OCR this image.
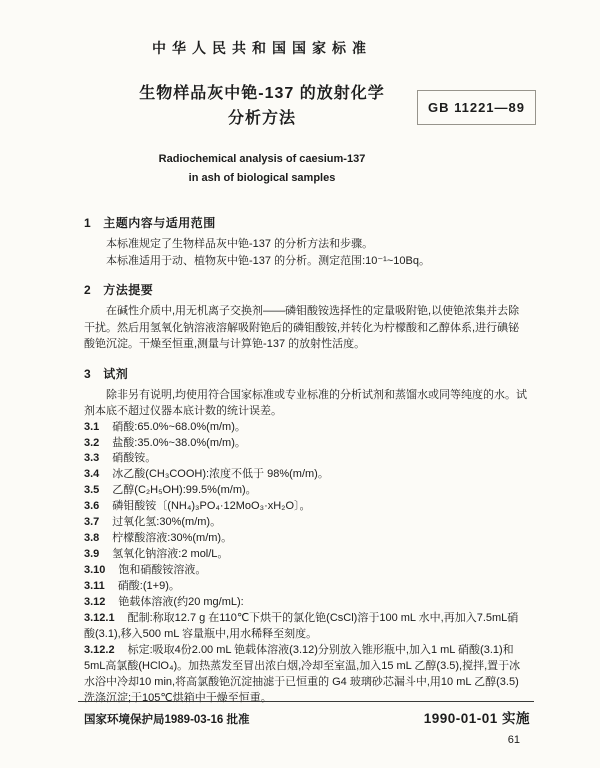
GB 11221—89
中华人民共和国国家标准
生物样品灰中铯-137 的放射化学
分析方法
Radiochemical analysis of caesium-137
in ash of biological samples
1 主题内容与适用范围

本标准规定了生物样品灰中铯-137 的分析方法和步骤。

本标准适用于动、植物灰中铯-137 的分析。测定范围:10⁻¹~10Bq。

2 方法提要

在碱性介质中,用无机离子交换剂——磷钼酸铵选择性的定量吸附铯,以使铯浓集并去除干扰。然后用氢氧化钠溶液溶解吸附铯后的磷钼酸铵,并转化为柠檬酸和乙醇体系,进行碘铋酸铯沉淀。干燥至恒重,测量与计算铯-137 的放射性活度。

3 试剂

除非另有说明,均使用符合国家标准或专业标准的分析试剂和蒸馏水或同等纯度的水。试剂本底不超过仪器本底计数的统计误差。

3.1 硝酸:65.0%~68.0%(m/m)。

3.2 盐酸:35.0%~38.0%(m/m)。

3.3 硝酸铵。

3.4 冰乙酸(CH₃COOH):浓度不低于 98%(m/m)。

3.5 乙醇(C₂H₅OH):99.5%(m/m)。

3.6 磷钼酸铵〔(NH₄)₃PO₄·12MoO₃·xH₂O〕。

3.7 过氧化氢:30%(m/m)。

3.8 柠檬酸溶液:30%(m/m)。

3.9 氢氧化钠溶液:2 mol/L。

3.10 饱和硝酸铵溶液。

3.11 硝酸:(1+9)。

3.12 铯载体溶液(约20 mg/mL):

3.12.1 配制:称取12.7 g 在110℃下烘干的氯化铯(CsCl)溶于100 mL 水中,再加入7.5mL硝酸(3.1),移入500 mL 容量瓶中,用水稀释至刻度。

3.12.2 标定:吸取4份2.00 mL 铯载体溶液(3.12)分别放入锥形瓶中,加入1 mL 硝酸(3.1)和5mL高氯酸(HClO₄)。加热蒸发至冒出浓白烟,冷却至室温,加入15 mL 乙醇(3.5),搅拌,置于冰水浴中冷却10 min,将高氯酸铯沉淀抽滤于已恒重的 G4 玻璃砂芯漏斗中,用10 mL 乙醇(3.5)洗涤沉淀;于105℃烘箱中干燥至恒重。

国家环境保护局1989-03-16 批准	1990-01-01 实施
61
